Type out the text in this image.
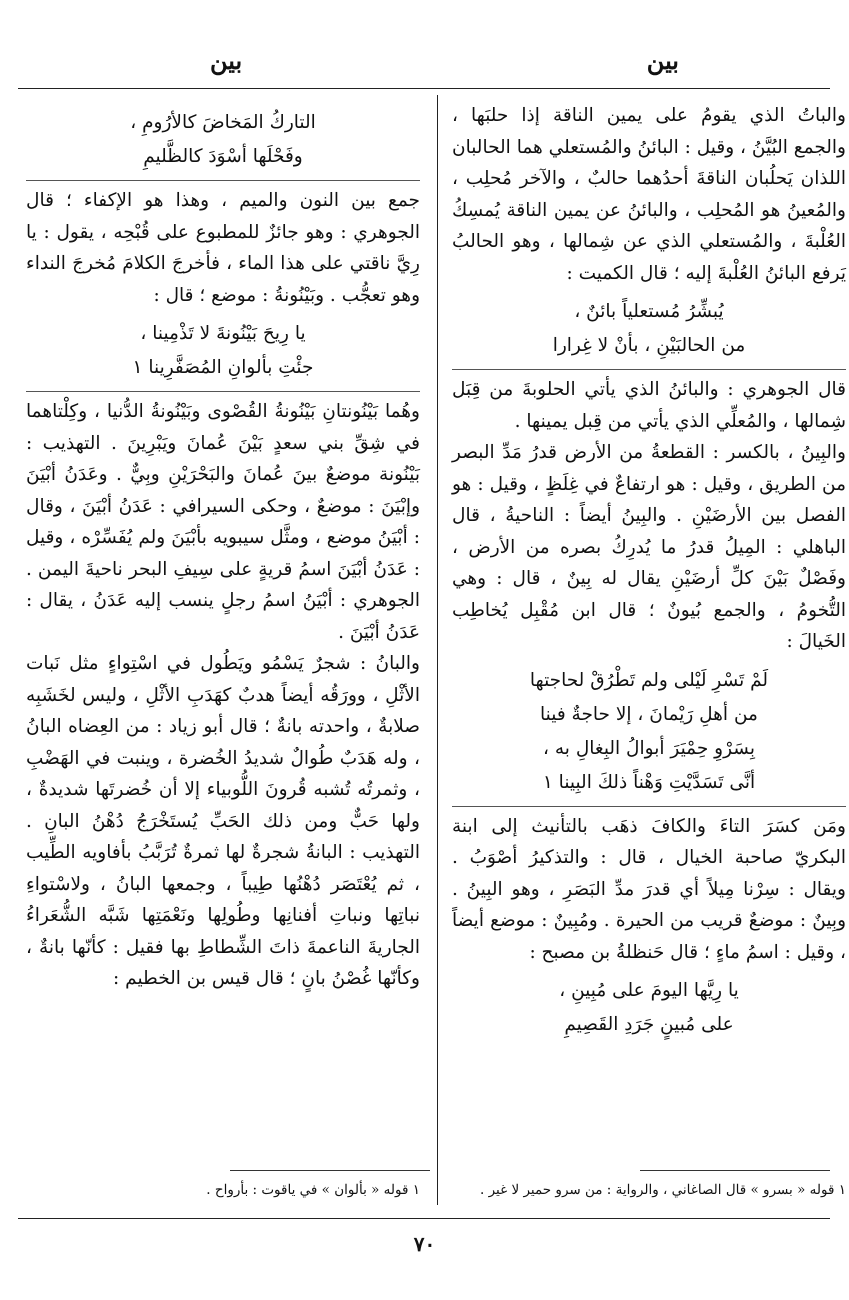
بين
بين

والباتُ الذي يقومُ على يمين الناقة إذا حلبَها ، والجمع البُيَّنُ ، وقيل : البائنُ والمُستعلي هما الحالبان اللذان يَحلُبان الناقةَ أحدُهما حالبٌ ، والآخر مُحلِب ، والمُعينُ هو المُحلِب ، والبائنُ عن يمين الناقة يُمسِكُ العُلْبةَ ، والمُستعلي الذي عن شِمالها ، وهو الحالبُ يَرفع البائنُ العُلْبةَ إليه ؛ قال الكميت :

يُبشِّرُ مُستعلياً بائنٌ ،
من الحالبَيْنِ ، بأنْ لا غِرارا

قال الجوهري : والبائنُ الذي يأتي الحلوبةَ من قِبَل شِمالها ، والمُعلِّي الذي يأتي من قِبل يمينها .

والبِينُ ، بالكسر : القطعةُ من الأرض قدرُ مَدِّ البصر من الطريق ، وقيل : هو ارتفاعٌ في غِلَظٍ ، وقيل : هو الفصل بين الأرضَيْنِ . والبِينُ أيضاً : الناحيةُ ، قال الباهلي : المِيلُ قدرُ ما يُدرِكُ بصره من الأرض ، وفَصْلٌ بَيْنَ كلِّ أرضَيْنِ يقال له بِينٌ ، قال : وهي التُّخومُ ، والجمع بُيونٌ ؛ قال ابن مُقْبِل يُخاطِب الخَيالَ :

لَمْ تَسْرِ لَيْلى ولم تَطْرُقْ لحاجتها
من أهلِ رَيْمانَ ، إلا حاجةٌ فينا
بِسَرْوِ حِمْيَرَ أبوالُ البِغالِ به ،
أنَّى تَسَدَّيْتِ وَهْناً ذلكَ البِينا ١

ومَن كسَرَ التاءَ والكافَ ذهَب بالتأنيث إلى ابنة البكريّ صاحبة الخيال ، قال : والتذكيرُ أصْوَبُ . ويقال : سِرْنا مِيلاً أي قدرَ مدِّ البَصَرِ ، وهو البِينُ . وبِينٌ : موضعٌ قريب من الحيرة . ومُبِينٌ : موضع أيضاً ، وقيل : اسمُ ماءٍ ؛ قال حَنظلةُ بن مصبح :

يا رِيَّها اليومَ على مُبِينِ ،
على مُبينٍ جَرَدِ القَصِيمِ
التاركُ المَخاضَ كالأرُومِ ،
وفَحْلَها أسْوَدَ كالظَّليمِ

جمع بين النون والميم ، وهذا هو الإكفاء ؛ قال الجوهري : وهو جائزٌ للمطبوع على قُبْحِه ، يقول : يا رِيَّ ناقتي على هذا الماء ، فأخرجَ الكلامَ مُخرجَ النداء وهو تعجُّب . وبَيْنُونةُ : موضع ؛ قال :

يا رِيحَ بَيْنُونةَ لا تَذْمِينا ،
جئْتِ بألوانِ المُصَفَّرِينا ١

وهُما بَيْنُونتانِ بَيْنُونةُ القُصْوى وبَيْنُونةُ الدُّنيا ، وكِلْتاهما في شِقِّ بني سعدٍ بَيْنَ عُمانَ ويَبْرِينَ . التهذيب : بَيْنُونة موضعٌ بينَ عُمانَ والبَحْرَيْنِ وبِيٌّ . وعَدَنُ أبْيَنَ وإبْيَنَ : موضعٌ ، وحكى السيرافي : عَدَنُ أبْيَنَ ، وقال : أبْيَنُ موضع ، ومثَّل سيبويه بأبْيَنَ ولم يُفَسِّرْه ، وقيل : عَدَنُ أبْيَنَ اسمُ قريةٍ على سِيفِ البحر ناحيةَ اليمن . الجوهري : أبْيَنُ اسمُ رجلٍ ينسب إليه عَدَنُ ، يقال : عَدَنُ أبْيَنَ .

والبانُ : شجرٌ يَسْمُو ويَطُول في اسْتِواءٍ مثل نَبات الأثْلِ ، وورَقُه أيضاً هدبٌ كهَدَبِ الأثْلِ ، وليس لخَشَبِه صلابةٌ ، واحدته بانةٌ ؛ قال أبو زياد : من العِضاه البانُ ، وله هَدَبٌ طُوالٌ شديدُ الخُضرة ، وينبت في الهَضْبِ ، وثمرتُه تُشبه قُرونَ اللُّوبياء إلا أن خُضرتَها شديدةٌ ، ولها حَبٌّ ومن ذلك الحَبِّ يُستَخْرَجُ دُهْنُ البانِ . التهذيب : البانةُ شجرةٌ لها ثمرةٌ تُرَبَّبُ بأفاويه الطِّيب ، ثم يُعْتَصَر دُهْنُها طِيباً ، وجمعها البانُ ، ولاسْتواءِ نباتِها ونباتِ أفنانِها وطُولِها ونَعْمَتِها شَبَّه الشُّعَراءُ الجاريةَ الناعمةَ ذاتَ الشِّطاطِ بها فقيل : كأنّها بانةٌ ، وكأنّها غُصْنُ بانٍ ؛ قال قيس بن الخطيم :

١ قوله « بسرو » قال الصاغاني ، والرواية : من سرو حمير لا غير .
١ قوله « بألوان » في ياقوت : بأرواح .
٧٠
